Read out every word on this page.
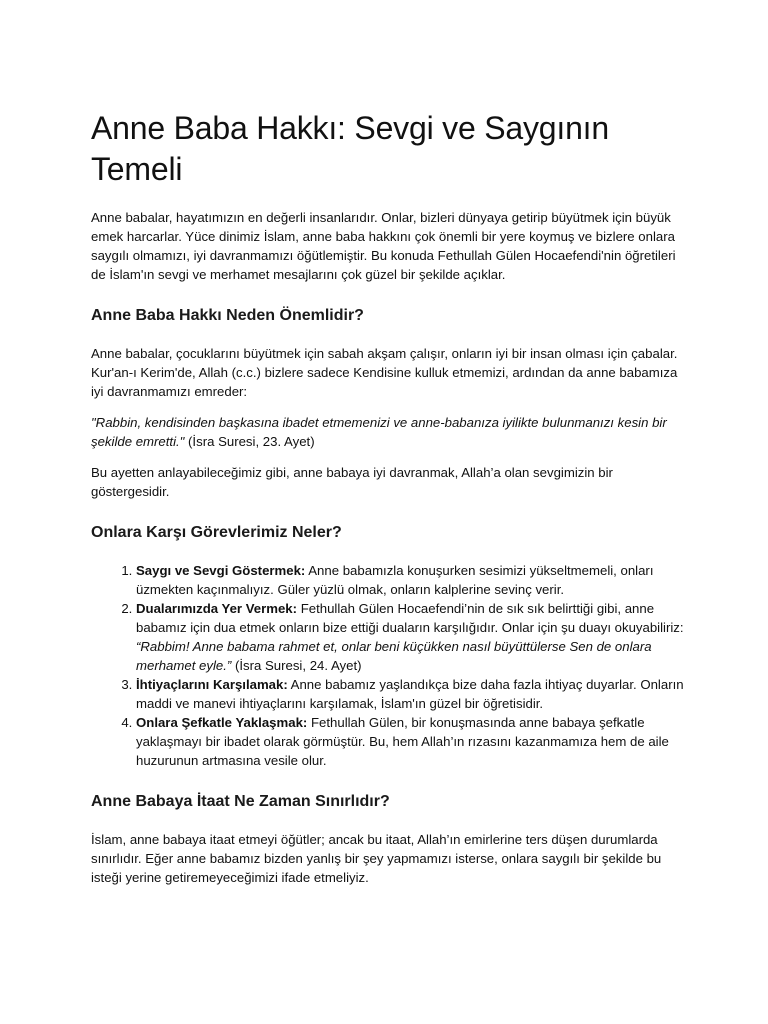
Anne Baba Hakkı: Sevgi ve Saygının Temeli

Anne babalar, hayatımızın en değerli insanlarıdır. Onlar, bizleri dünyaya getirip büyütmek için büyük emek harcarlar. Yüce dinimiz İslam, anne baba hakkını çok önemli bir yere koymuş ve bizlere onlara saygılı olmamızı, iyi davranmamızı öğütlemiştir. Bu konuda Fethullah Gülen Hocaefendi'nin öğretileri de İslam'ın sevgi ve merhamet mesajlarını çok güzel bir şekilde açıklar.

Anne Baba Hakkı Neden Önemlidir?

Anne babalar, çocuklarını büyütmek için sabah akşam çalışır, onların iyi bir insan olması için çabalar. Kur'an-ı Kerim'de, Allah (c.c.) bizlere sadece Kendisine kulluk etmemizi, ardından da anne babamıza iyi davranmamızı emreder:

"Rabbin, kendisinden başkasına ibadet etmemenizi ve anne-babanıza iyilikte bulunmanızı kesin bir şekilde emretti." (İsra Suresi, 23. Ayet)

Bu ayetten anlayabileceğimiz gibi, anne babaya iyi davranmak, Allah’a olan sevgimizin bir göstergesidir.

Onlara Karşı Görevlerimiz Neler?
1. Saygı ve Sevgi Göstermek: Anne babamızla konuşurken sesimizi yükseltmemeli, onları üzmekten kaçınmalıyız. Güler yüzlü olmak, onların kalplerine sevinç verir.
2. Dualarımızda Yer Vermek: Fethullah Gülen Hocaefendi’nin de sık sık belirttiği gibi, anne babamız için dua etmek onların bize ettiği duaların karşılığıdır. Onlar için şu duayı okuyabiliriz:
“Rabbim! Anne babama rahmet et, onlar beni küçükken nasıl büyüttülerse Sen de onlara merhamet eyle.” (İsra Suresi, 24. Ayet)
3. İhtiyaçlarını Karşılamak: Anne babamız yaşlandıkça bize daha fazla ihtiyaç duyarlar. Onların maddi ve manevi ihtiyaçlarını karşılamak, İslam'ın güzel bir öğretisidir.
4. Onlara Şefkatle Yaklaşmak: Fethullah Gülen, bir konuşmasında anne babaya şefkatle yaklaşmayı bir ibadet olarak görmüştür. Bu, hem Allah’ın rızasını kazanmamıza hem de aile huzurunun artmasına vesile olur.
Anne Babaya İtaat Ne Zaman Sınırlıdır?

İslam, anne babaya itaat etmeyi öğütler; ancak bu itaat, Allah’ın emirlerine ters düşen durumlarda sınırlıdır. Eğer anne babamız bizden yanlış bir şey yapmamızı isterse, onlara saygılı bir şekilde bu isteği yerine getiremeyeceğimizi ifade etmeliyiz.
